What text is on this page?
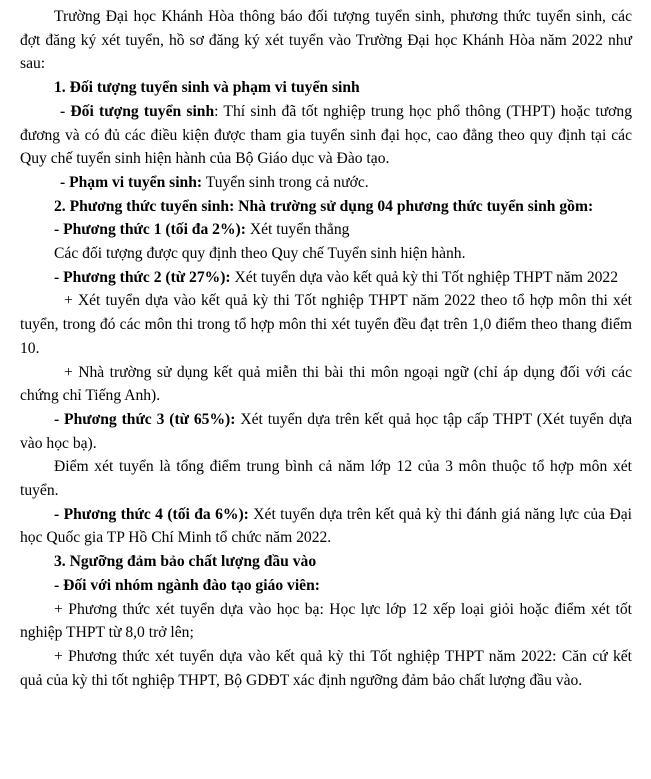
Trường Đại học Khánh Hòa thông báo đối tượng tuyển sinh, phương thức tuyển sinh, các đợt đăng ký xét tuyển, hồ sơ đăng ký xét tuyển vào Trường Đại học Khánh Hòa năm 2022 như sau:

1. Đối tượng tuyển sinh và phạm vi tuyển sinh

- Đối tượng tuyển sinh: Thí sinh đã tốt nghiệp trung học phổ thông (THPT) hoặc tương đương và có đủ các điều kiện được tham gia tuyển sinh đại học, cao đẳng theo quy định tại các Quy chế tuyển sinh hiện hành của Bộ Giáo dục và Đào tạo.

- Phạm vi tuyển sinh: Tuyển sinh trong cả nước.

2. Phương thức tuyển sinh: Nhà trường sử dụng 04 phương thức tuyển sinh gồm:

- Phương thức 1 (tối đa 2%): Xét tuyển thẳng

Các đối tượng được quy định theo Quy chế Tuyển sinh hiện hành.

- Phương thức 2 (từ 27%): Xét tuyển dựa vào kết quả kỳ thi Tốt nghiệp THPT năm 2022

+ Xét tuyển dựa vào kết quả kỳ thi Tốt nghiệp THPT năm 2022 theo tổ hợp môn thi xét tuyển, trong đó các môn thi trong tổ hợp môn thi xét tuyển đều đạt trên 1,0 điểm theo thang điểm 10.

+ Nhà trường sử dụng kết quả miễn thi bài thi môn ngoại ngữ (chỉ áp dụng đối với các chứng chỉ Tiếng Anh).

- Phương thức 3 (từ 65%): Xét tuyển dựa trên kết quả học tập cấp THPT (Xét tuyển dựa vào học bạ).

Điểm xét tuyển là tổng điểm trung bình cả năm lớp 12 của 3 môn thuộc tổ hợp môn xét tuyển.

- Phương thức 4 (tối đa 6%): Xét tuyển dựa trên kết quả kỳ thi đánh giá năng lực của Đại học Quốc gia TP Hồ Chí Minh tổ chức năm 2022.

3. Ngưỡng đảm bảo chất lượng đầu vào

- Đối với nhóm ngành đào tạo giáo viên:

+ Phương thức xét tuyển dựa vào học bạ: Học lực lớp 12 xếp loại giỏi hoặc điểm xét tốt nghiệp THPT từ 8,0 trở lên;

+ Phương thức xét tuyển dựa vào kết quả kỳ thi Tốt nghiệp THPT năm 2022: Căn cứ kết quả của kỳ thi tốt nghiệp THPT, Bộ GDĐT xác định ngưỡng đảm bảo chất lượng đầu vào.
